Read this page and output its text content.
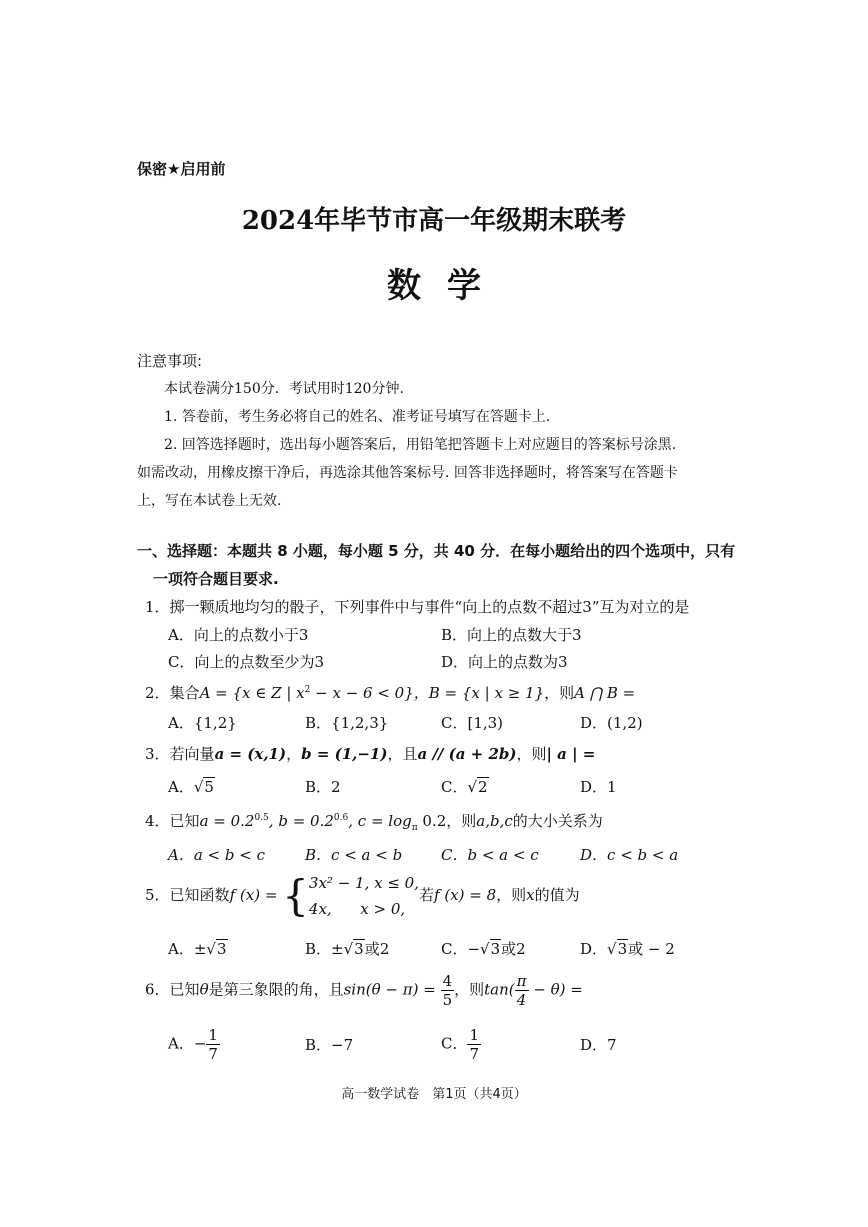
保密★启用前
2024年毕节市高一年级期末联考
数学
注意事项:
本试卷满分150分．考试用时120分钟.
1. 答卷前，考生务必将自己的姓名、准考证号填写在答题卡上.
2. 回答选择题时，选出每小题答案后，用铅笔把答题卡上对应题目的答案标号涂黑.
如需改动，用橡皮擦干净后，再选涂其他答案标号. 回答非选择题时，将答案写在答题卡
上，写在本试卷上无效.
一、选择题：本题共 8 小题，每小题 5 分，共 40 分．在每小题给出的四个选项中，只有
一项符合题目要求.
1．掷一颗质地均匀的骰子，下列事件中与事件“向上的点数不超过3”互为对立的是
A．向上的点数小于3	B．向上的点数大于3
C．向上的点数至少为3	D．向上的点数为3
2．集合A = {x ∈ Z | $x^2 - x - 6 < 0$}，B = {x | x ≥ 1}，则A ⋂ B =
A．{1,2}	B．{1,2,3}	C．[1,3)	D．(1,2)
3．若向量a = (x,1)，b = (1,−1)，且a // (a + 2b)，则| a | =
A．√5	B．2	C．√2	D．1
4．已知$a = 0.2^{0.5}$, $b = 0.2^{0.6}$, $c = \log_\pi 0.2$，则a,b,c的大小关系为
A．a < b < c	B．c < a < b	C．b < a < c	D．c < b < a
5．已知函数f (x) = { 3x² − 1, x ≤ 0,
4x,      x > 0,
若f (x) = 8，则x的值为
A．±√3	B．±√3或2	C．−√3或2	D．√3或 − 2
6．已知θ是第三象限的角，且$\sin(\theta - \pi) = \frac{4}{5}$ ，则$\tan( \frac{\pi}{4} - \theta)$ =
A．− $\frac{1}{7}$	B．−7	C． $\frac{1}{7}$	D．7
高一数学试卷　第1页（共4页）
